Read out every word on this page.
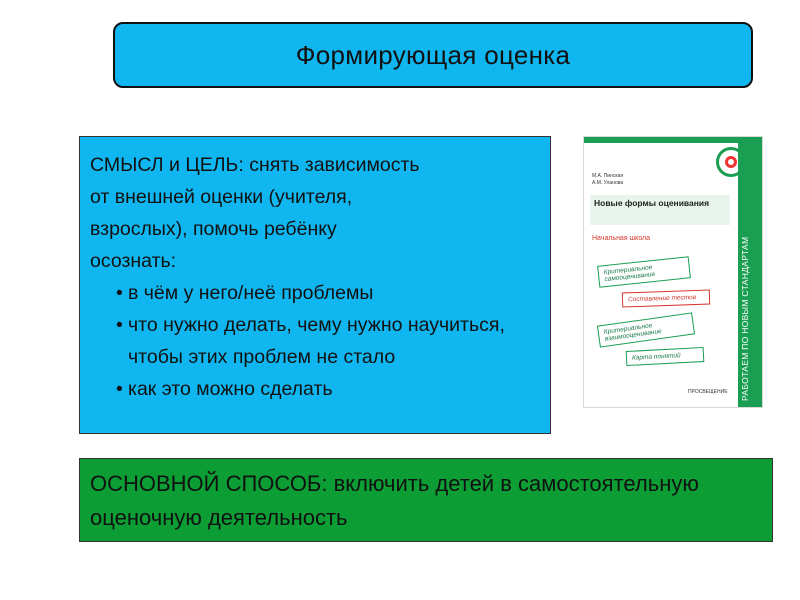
Формирующая оценка
СМЫСЛ и ЦЕЛЬ: снять зависимость
от внешней оценки (учителя,
взрослых), помочь ребёнку
осознать:
• в чём у него/неё проблемы
• что нужно делать, чему нужно научиться, чтобы этих проблем не стало
• как это можно сделать
М.А. Пинская
А.М. Уланова
Новые формы оценивания
Начальная школа
Критериальное самооценивание
Составление тестов
Критериальное взаимооценивание
Карта понятий
ПРОСВЕЩЕНИЕ РАБОТАЕМ ПО НОВЫМ СТАНДАРТАМ
ОСНОВНОЙ СПОСОБ: включить детей в самостоятельную оценочную деятельность
